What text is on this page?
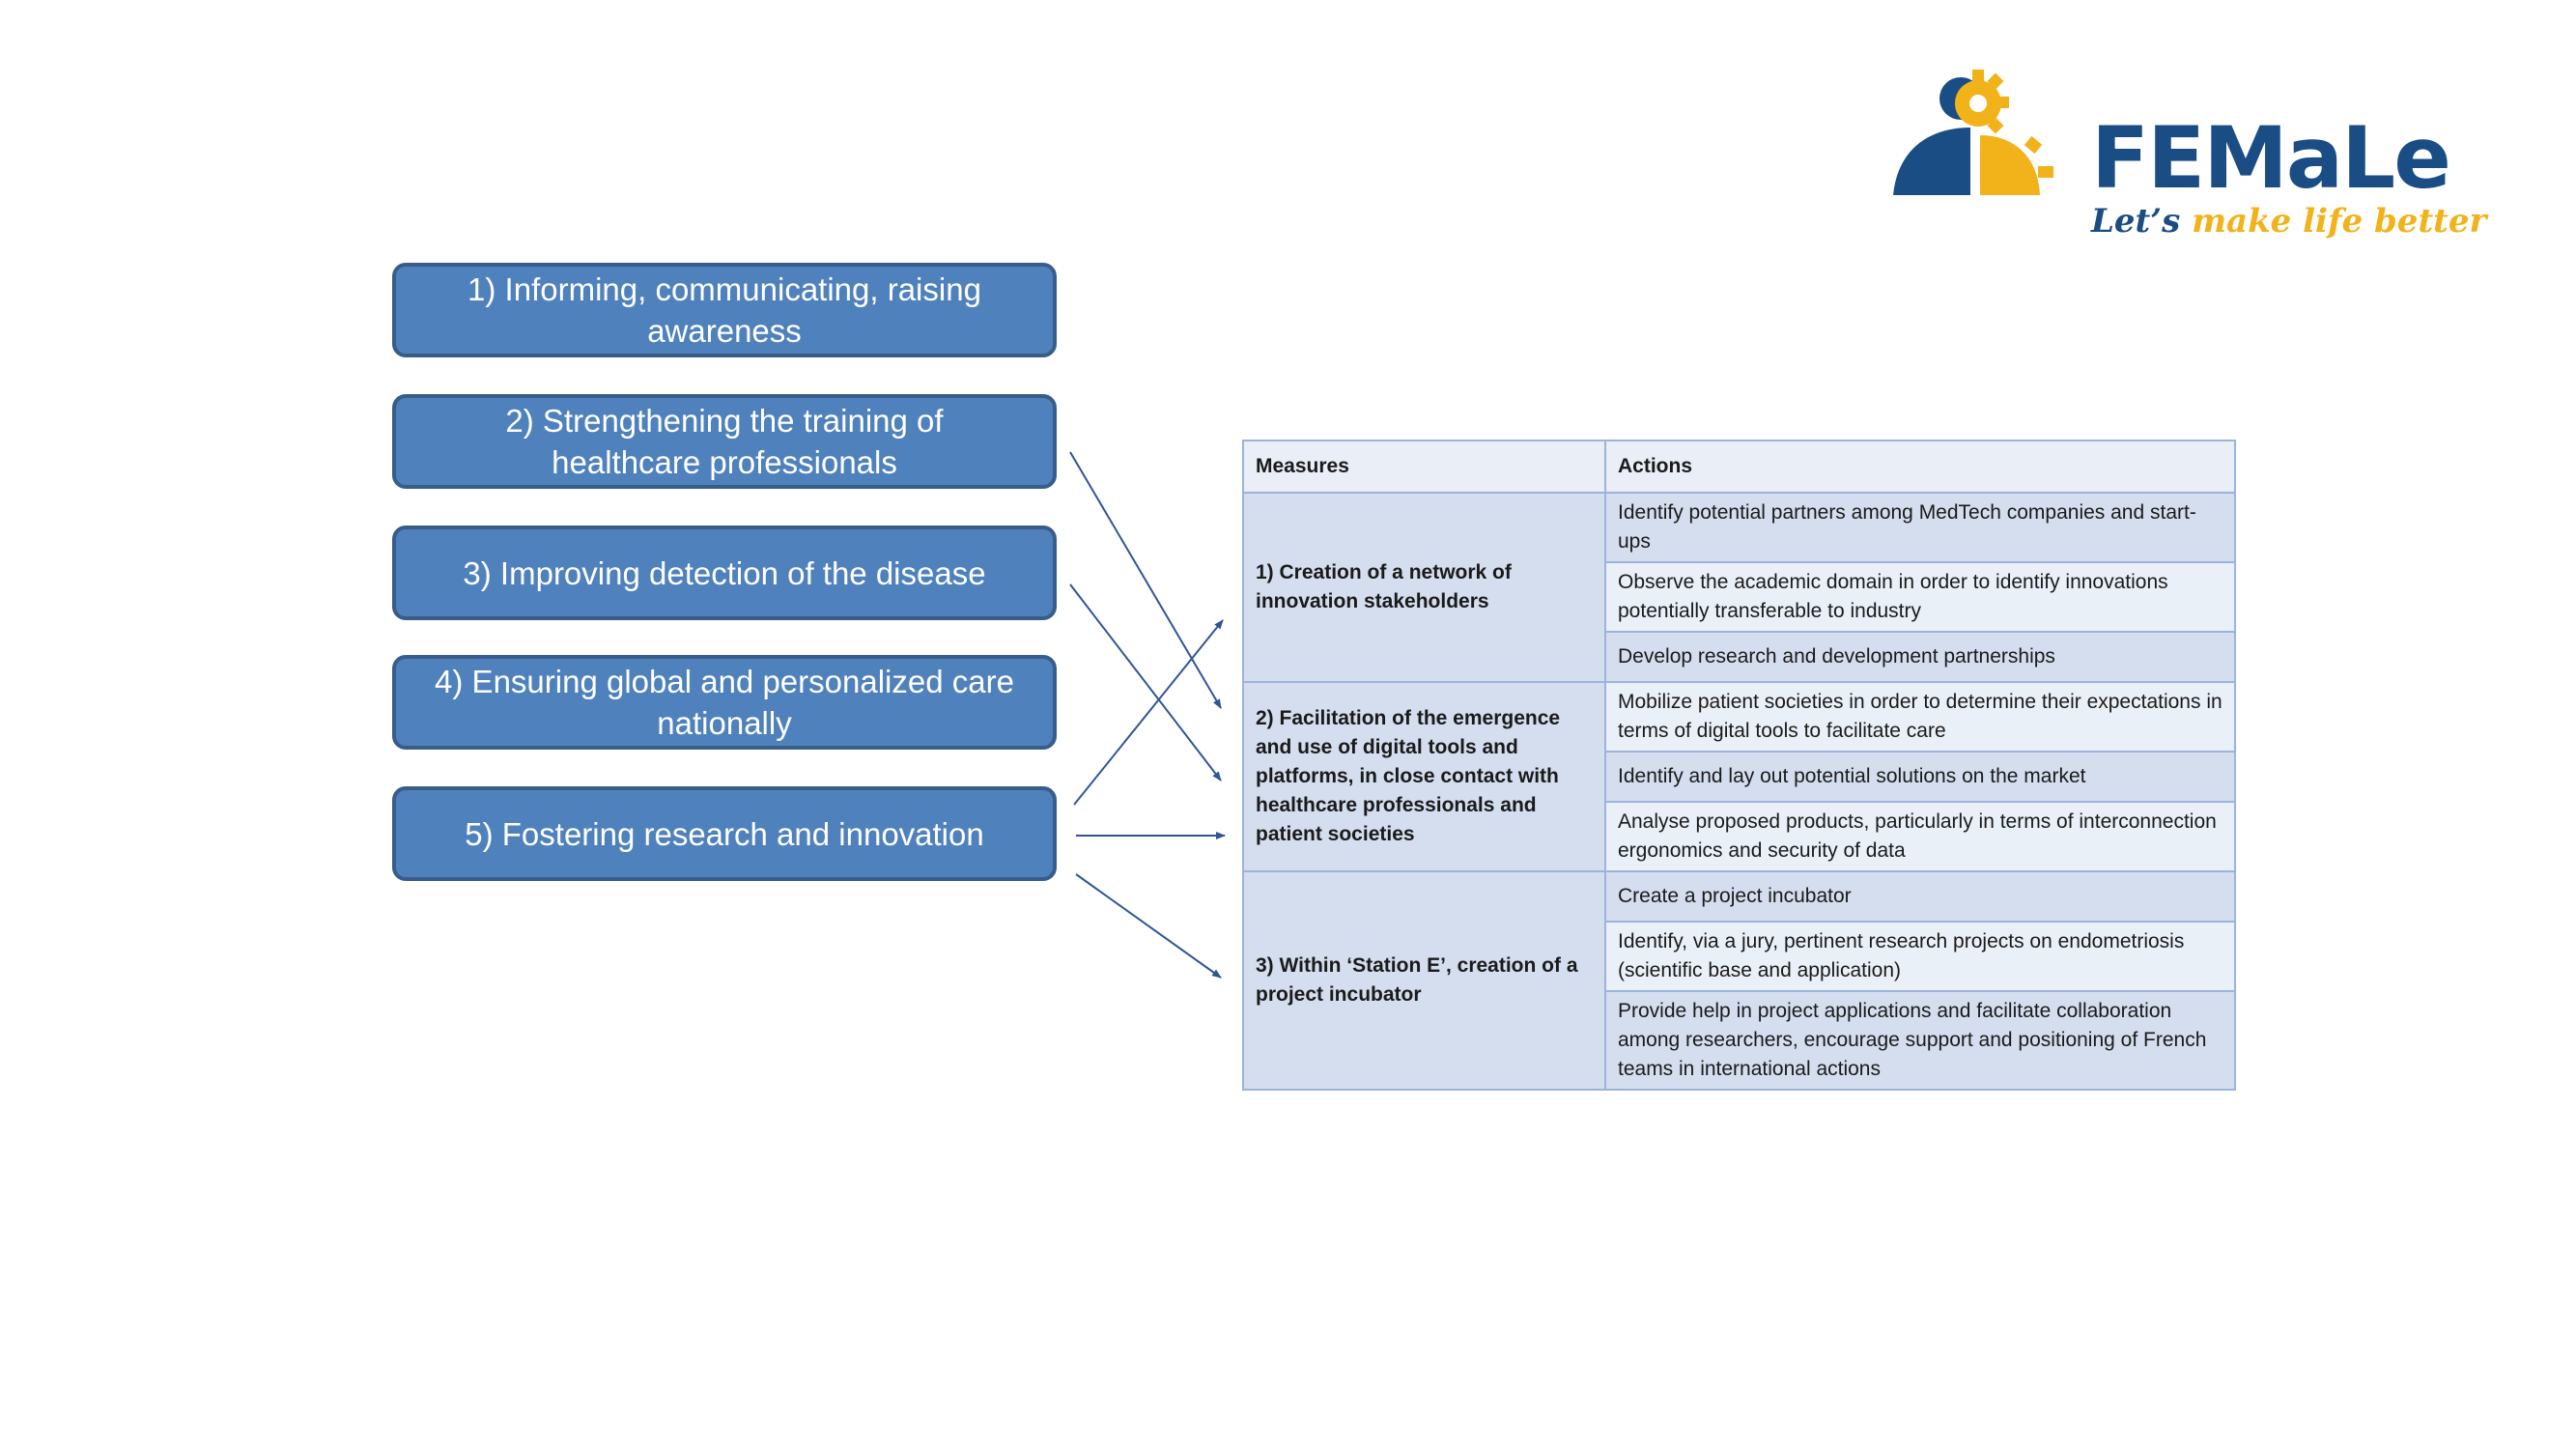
FEMaLe
Let’s make life better
1) Informing, communicating, raising awareness
2) Strengthening the training of healthcare professionals
3) Improving detection of the disease
4) Ensuring global and personalized care nationally
5) Fostering research and innovation
Measures	Actions
1) Creation of a network of innovation stakeholders	Identify potential partners among MedTech companies and start-ups
	Observe the academic domain in order to identify innovations potentially transferable to industry
	Develop research and development partnerships
2) Facilitation of the emergence and use of digital tools and platforms, in close contact with healthcare professionals and patient societies	Mobilize patient societies in order to determine their expectations in terms of digital tools to facilitate care
	Identify and lay out potential solutions on the market
	Analyse proposed products, particularly in terms of interconnection ergonomics and security of data
3) Within ‘Station E’, creation of a project incubator	Create a project incubator
	Identify, via a jury, pertinent research projects on endometriosis (scientific base and application)
	Provide help in project applications and facilitate collaboration among researchers, encourage support and positioning of French teams in international actions
